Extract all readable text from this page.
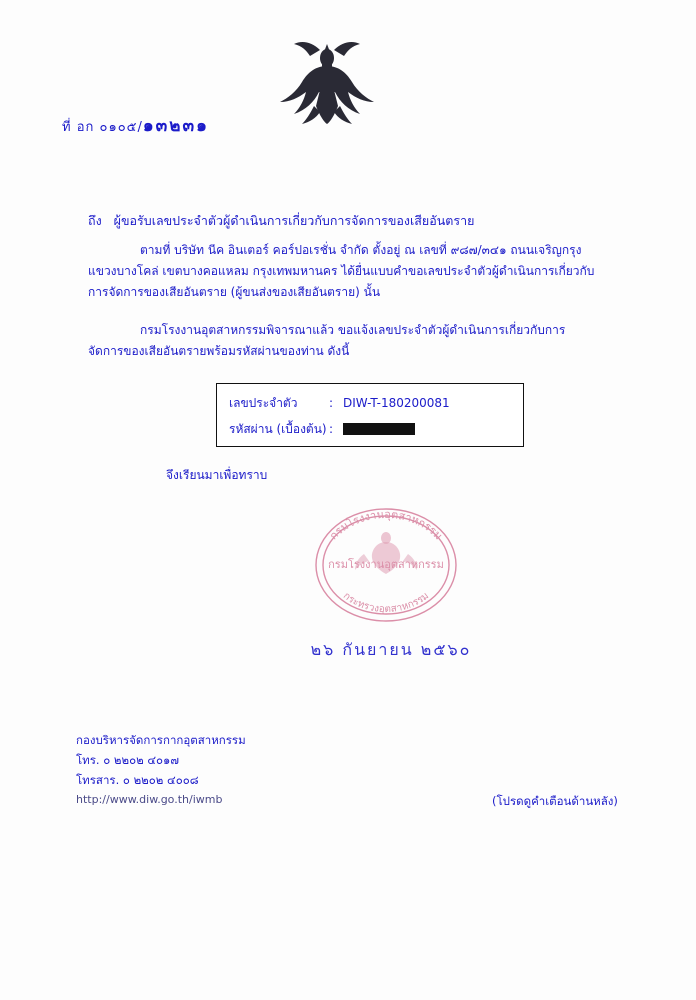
ที่ อก ๐๑๐๕/๑๓๒๓๑
ถึง ผู้ขอรับเลขประจำตัวผู้ดำเนินการเกี่ยวกับการจัดการของเสียอันตราย
ตามที่ บริษัท นีค อินเตอร์ คอร์ปอเรชั่น จำกัด ตั้งอยู่ ณ เลขที่ ๙๘๗/๓๔๑ ถนนเจริญกรุง แขวงบางโคล่ เขตบางคอแหลม กรุงเทพมหานคร ได้ยื่นแบบคำขอเลขประจำตัวผู้ดำเนินการเกี่ยวกับการจัดการของเสียอันตราย (ผู้ขนส่งของเสียอันตราย) นั้น
กรมโรงงานอุตสาหกรรมพิจารณาแล้ว ขอแจ้งเลขประจำตัวผู้ดำเนินการเกี่ยวกับการจัดการของเสียอันตรายพร้อมรหัสผ่านของท่าน ดังนี้
เลขประจำตัว	: DIW-T-180200081
รหัสผ่าน (เบื้องต้น) :
จึงเรียนมาเพื่อทราบ
กรมโรงงานอุตสาหกรรม
กระทรวงอุตสาหกรรม
กรมโรงงานอุตสาหกรรม
๒๖ กันยายน ๒๕๖๐
กองบริหารจัดการกากอุตสาหกรรม
โทร. ๐ ๒๒๐๒ ๔๐๑๗
โทรสาร. ๐ ๒๒๐๒ ๔๐๐๘
http://www.diw.go.th/iwmb	(โปรดดูคำเตือนด้านหลัง)
